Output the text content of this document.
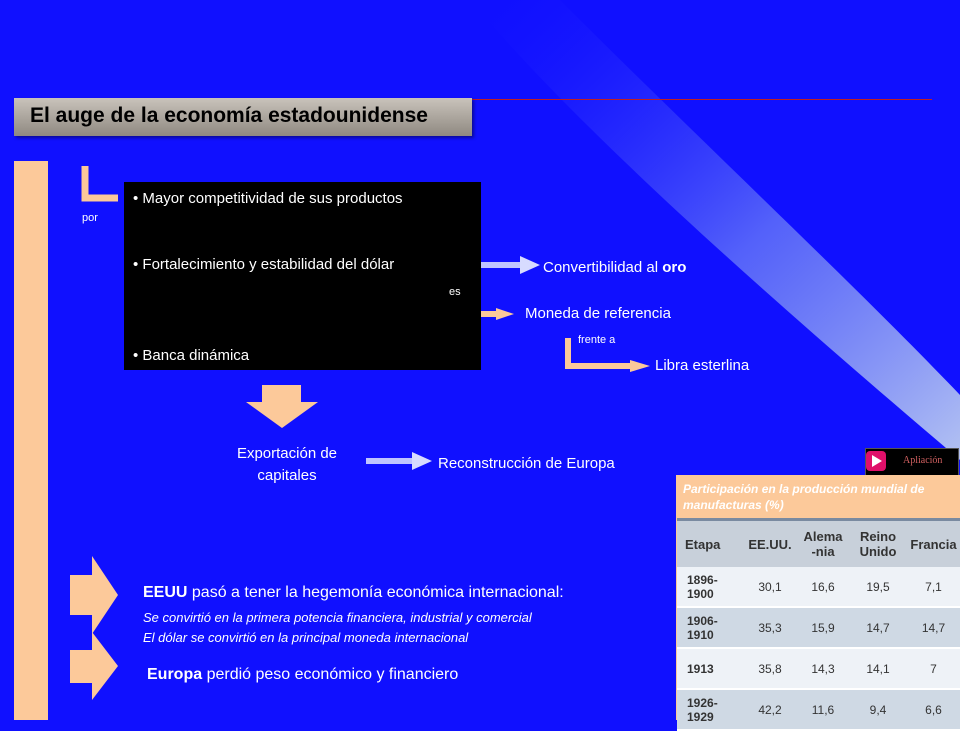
El auge de la economía estadounidense
por
• Mayor competitividad de sus productos
• Fortalecimiento y estabilidad del dólar
• Banca dinámica
es
frente a
Convertibilidad al oro
Moneda de referencia
Libra esterlina
Exportación de
capitales
Reconstrucción de Europa
EEUU pasó a tener la hegemonía económica internacional:
Se convirtió en la primera potencia financiera, industrial y comercial
El dólar se convirtió en la principal moneda internacional
Europa perdió peso económico y financiero
Apliación
Participación en la producción mundial de manufacturas (%)
Etapa	EE.UU.	Alema-nia	Reino Unido	Francia

1896-1900	30,1	16,6	19,5	7,1

1906-1910	35,3	15,9	14,7	14,7
1913	35,8	14,3	14,1	7

1926-1929	42,2	11,6	9,4	6,6
